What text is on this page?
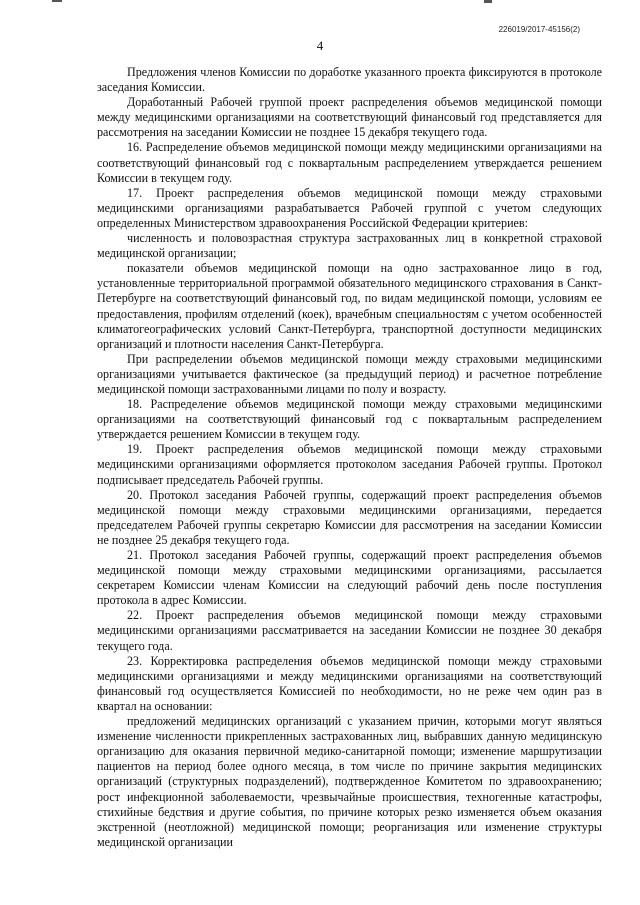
226019/2017-45156(2)
4

Предложения членов Комиссии по доработке указанного проекта фиксируются в протоколе заседания Комиссии.

Доработанный Рабочей группой проект распределения объемов медицинской помощи между медицинскими организациями на соответствующий финансовый год представляется для рассмотрения на заседании Комиссии не позднее 15 декабря текущего года.

16. Распределение объемов медицинской помощи между медицинскими организациями на соответствующий финансовый год с поквартальным распределением утверждается решением Комиссии в текущем году.

17. Проект распределения объемов медицинской помощи между страховыми медицинскими организациями разрабатывается Рабочей группой с учетом следующих определенных Министерством здравоохранения Российской Федерации критериев:

численность и половозрастная структура застрахованных лиц в конкретной страховой медицинской организации;

показатели объемов медицинской помощи на одно застрахованное лицо в год, установленные территориальной программой обязательного медицинского страхования в Санкт-Петербурге на соответствующий финансовый год, по видам медицинской помощи, условиям ее предоставления, профилям отделений (коек), врачебным специальностям с учетом особенностей климатогеографических условий Санкт-Петербурга, транспортной доступности медицинских организаций и плотности населения Санкт-Петербурга.

При распределении объемов медицинской помощи между страховыми медицинскими организациями учитывается фактическое (за предыдущий период) и расчетное потребление медицинской помощи застрахованными лицами по полу и возрасту.

18. Распределение объемов медицинской помощи между страховыми медицинскими организациями на соответствующий финансовый год с поквартальным распределением утверждается решением Комиссии в текущем году.

19. Проект распределения объемов медицинской помощи между страховыми медицинскими организациями оформляется протоколом заседания Рабочей группы. Протокол подписывает председатель Рабочей группы.

20. Протокол заседания Рабочей группы, содержащий проект распределения объемов медицинской помощи между страховыми медицинскими организациями, передается председателем Рабочей группы секретарю Комиссии для рассмотрения на заседании Комиссии не позднее 25 декабря текущего года.

21. Протокол заседания Рабочей группы, содержащий проект распределения объемов медицинской помощи между страховыми медицинскими организациями, рассылается секретарем Комиссии членам Комиссии на следующий рабочий день после поступления протокола в адрес Комиссии.

22. Проект распределения объемов медицинской помощи между страховыми медицинскими организациями рассматривается на заседании Комиссии не позднее 30 декабря текущего года.

23. Корректировка распределения объемов медицинской помощи между страховыми медицинскими организациями и между медицинскими организациями на соответствующий финансовый год осуществляется Комиссией по необходимости, но не реже чем один раз в квартал на основании:

предложений медицинских организаций с указанием причин, которыми могут являться изменение численности прикрепленных застрахованных лиц, выбравших данную медицинскую организацию для оказания первичной медико-санитарной помощи; изменение маршрутизации пациентов на период более одного месяца, в том числе по причине закрытия медицинских организаций (структурных подразделений), подтвержденное Комитетом по здравоохранению; рост инфекционной заболеваемости, чрезвычайные происшествия, техногенные катастрофы, стихийные бедствия и другие события, по причине которых резко изменяется объем оказания экстренной (неотложной) медицинской помощи; реорганизация или изменение структуры медицинской организации
